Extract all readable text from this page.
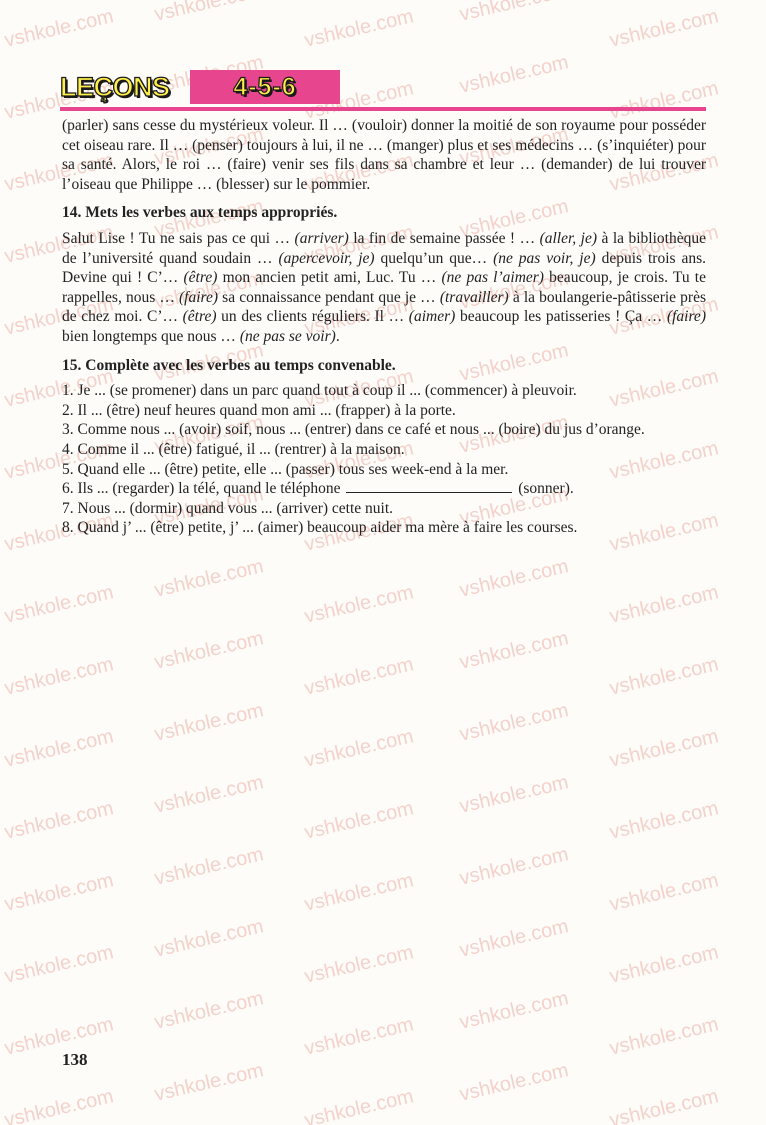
vshkole.com
vshkole.com
vshkole.com
vshkole.com
vshkole.com
vshkole.com
vshkole.com
vshkole.com
vshkole.com
vshkole.com
vshkole.com
vshkole.com
vshkole.com
vshkole.com
vshkole.com
vshkole.com
vshkole.com
vshkole.com
vshkole.com
vshkole.com
vshkole.com
vshkole.com
vshkole.com
vshkole.com
vshkole.com
vshkole.com
vshkole.com
vshkole.com
vshkole.com
vshkole.com
vshkole.com
vshkole.com
vshkole.com
vshkole.com
vshkole.com
vshkole.com
vshkole.com
vshkole.com
vshkole.com
vshkole.com
vshkole.com
vshkole.com
vshkole.com
vshkole.com
vshkole.com
vshkole.com
vshkole.com
vshkole.com
vshkole.com
vshkole.com
vshkole.com
vshkole.com
vshkole.com
vshkole.com
vshkole.com
vshkole.com
vshkole.com
vshkole.com
vshkole.com
vshkole.com
vshkole.com
vshkole.com
vshkole.com
vshkole.com
vshkole.com
vshkole.com
vshkole.com
vshkole.com
vshkole.com
vshkole.com
vshkole.com
vshkole.com
vshkole.com
vshkole.com
vshkole.com
vshkole.com
vshkole.com
vshkole.com
vshkole.com
vshkole.com
LEÇONS	4-5-6

(parler) sans cesse du mystérieux voleur. Il … (vouloir) donner la moitié de son royaume pour posséder cet oiseau rare. Il … (penser) toujours à lui, il ne … (manger) plus et ses médecins … (s’inquiéter) pour sa santé. Alors, le roi … (faire) venir ses fils dans sa chambre et leur … (demander) de lui trouver l’oiseau que Philippe … (blesser) sur le pommier.

14. Mets les verbes aux temps appropriés.

Salut Lise ! Tu ne sais pas ce qui … (arriver) la fin de semaine passée ! … (aller, je) à la bibliothèque de l’université quand soudain … (apercevoir, je) quelqu’un que… (ne pas voir, je) depuis trois ans. Devine qui ! C’… (être) mon ancien petit ami, Luc. Tu … (ne pas l’aimer) beaucoup, je crois. Tu te rappelles, nous … (faire) sa connaissance pendant que je … (travailler) à la boulangerie-pâtisserie près de chez moi. C’… (être) un des clients réguliers. Il … (aimer) beaucoup les patisseries ! Ça … (faire) bien longtemps que nous … (ne pas se voir).

15. Complète avec les verbes au temps convenable.

1. Je ... (se promener) dans un parc quand tout à coup il ... (commencer) à pleuvoir.
2. Il ... (être) neuf heures quand mon ami ... (frapper) à la porte.
3. Comme nous ... (avoir) soif, nous ... (entrer) dans ce café et nous ... (boire) du jus d’orange.
4. Comme il ... (être) fatigué, il ... (rentrer) à la maison.
5. Quand elle ... (être) petite, elle ... (passer) tous ses week-end à la mer.
6. Ils ... (regarder) la télé, quand le téléphone	(sonner).
7. Nous ... (dormir) quand vous ... (arriver) cette nuit.
8. Quand j’ ... (être) petite, j’ ... (aimer) beaucoup aider ma mère à faire les courses.
138
